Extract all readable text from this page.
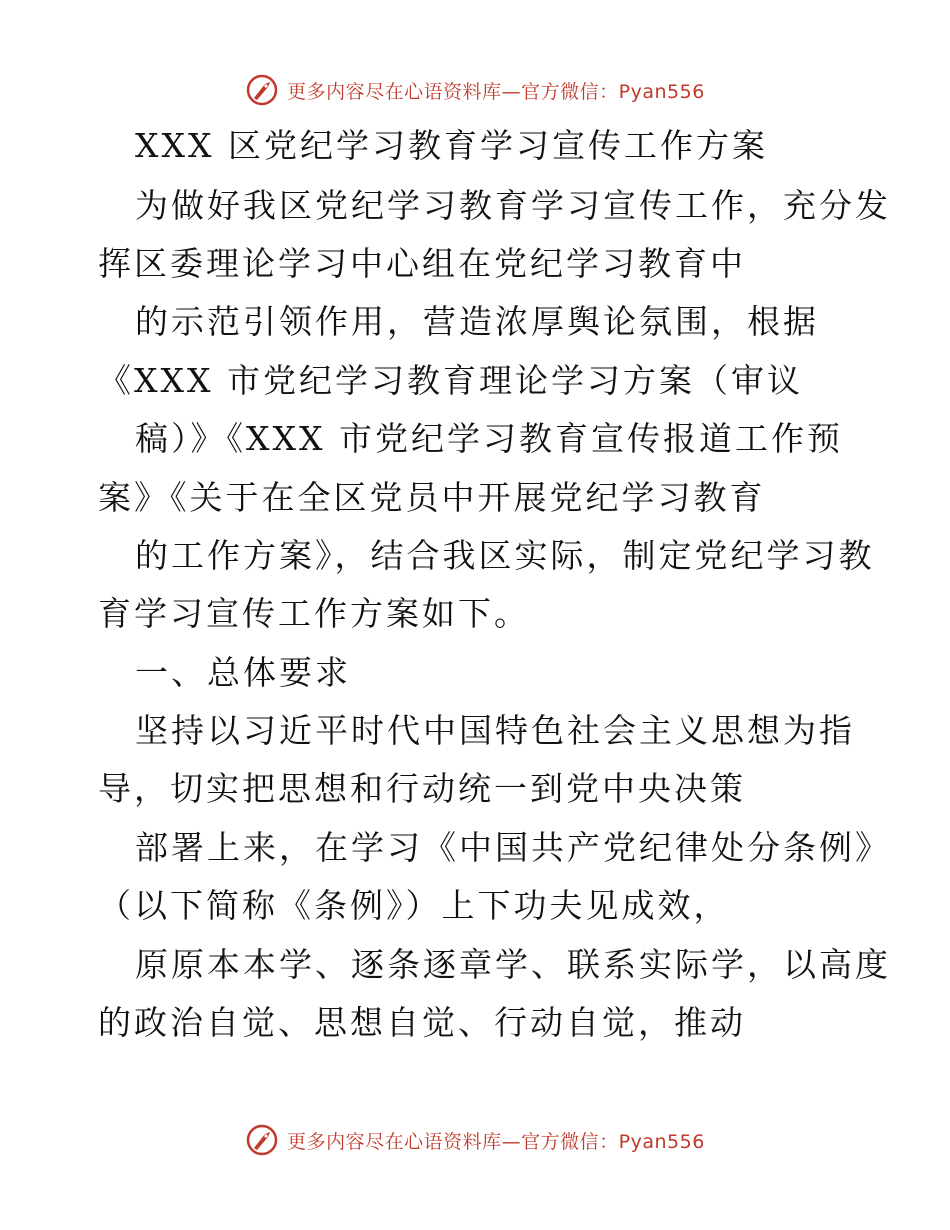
更多内容尽在心语资料库—官方微信：Pyan556
XXX 区党纪学习教育学习宣传工作方案
为做好我区党纪学习教育学习宣传工作，充分发
挥区委理论学习中心组在党纪学习教育中
的示范引领作用，营造浓厚舆论氛围，根据
《XXX 市党纪学习教育理论学习方案（审议
稿）》《XXX 市党纪学习教育宣传报道工作预
案》《关于在全区党员中开展党纪学习教育
的工作方案》，结合我区实际，制定党纪学习教
育学习宣传工作方案如下。
一、总体要求
坚持以习近平时代中国特色社会主义思想为指
导，切实把思想和行动统一到党中央决策
部署上来，在学习《中国共产党纪律处分条例》
（以下简称《条例》）上下功夫见成效，
原原本本学、逐条逐章学、联系实际学，以高度
的政治自觉、思想自觉、行动自觉，推动
更多内容尽在心语资料库—官方微信：Pyan556
